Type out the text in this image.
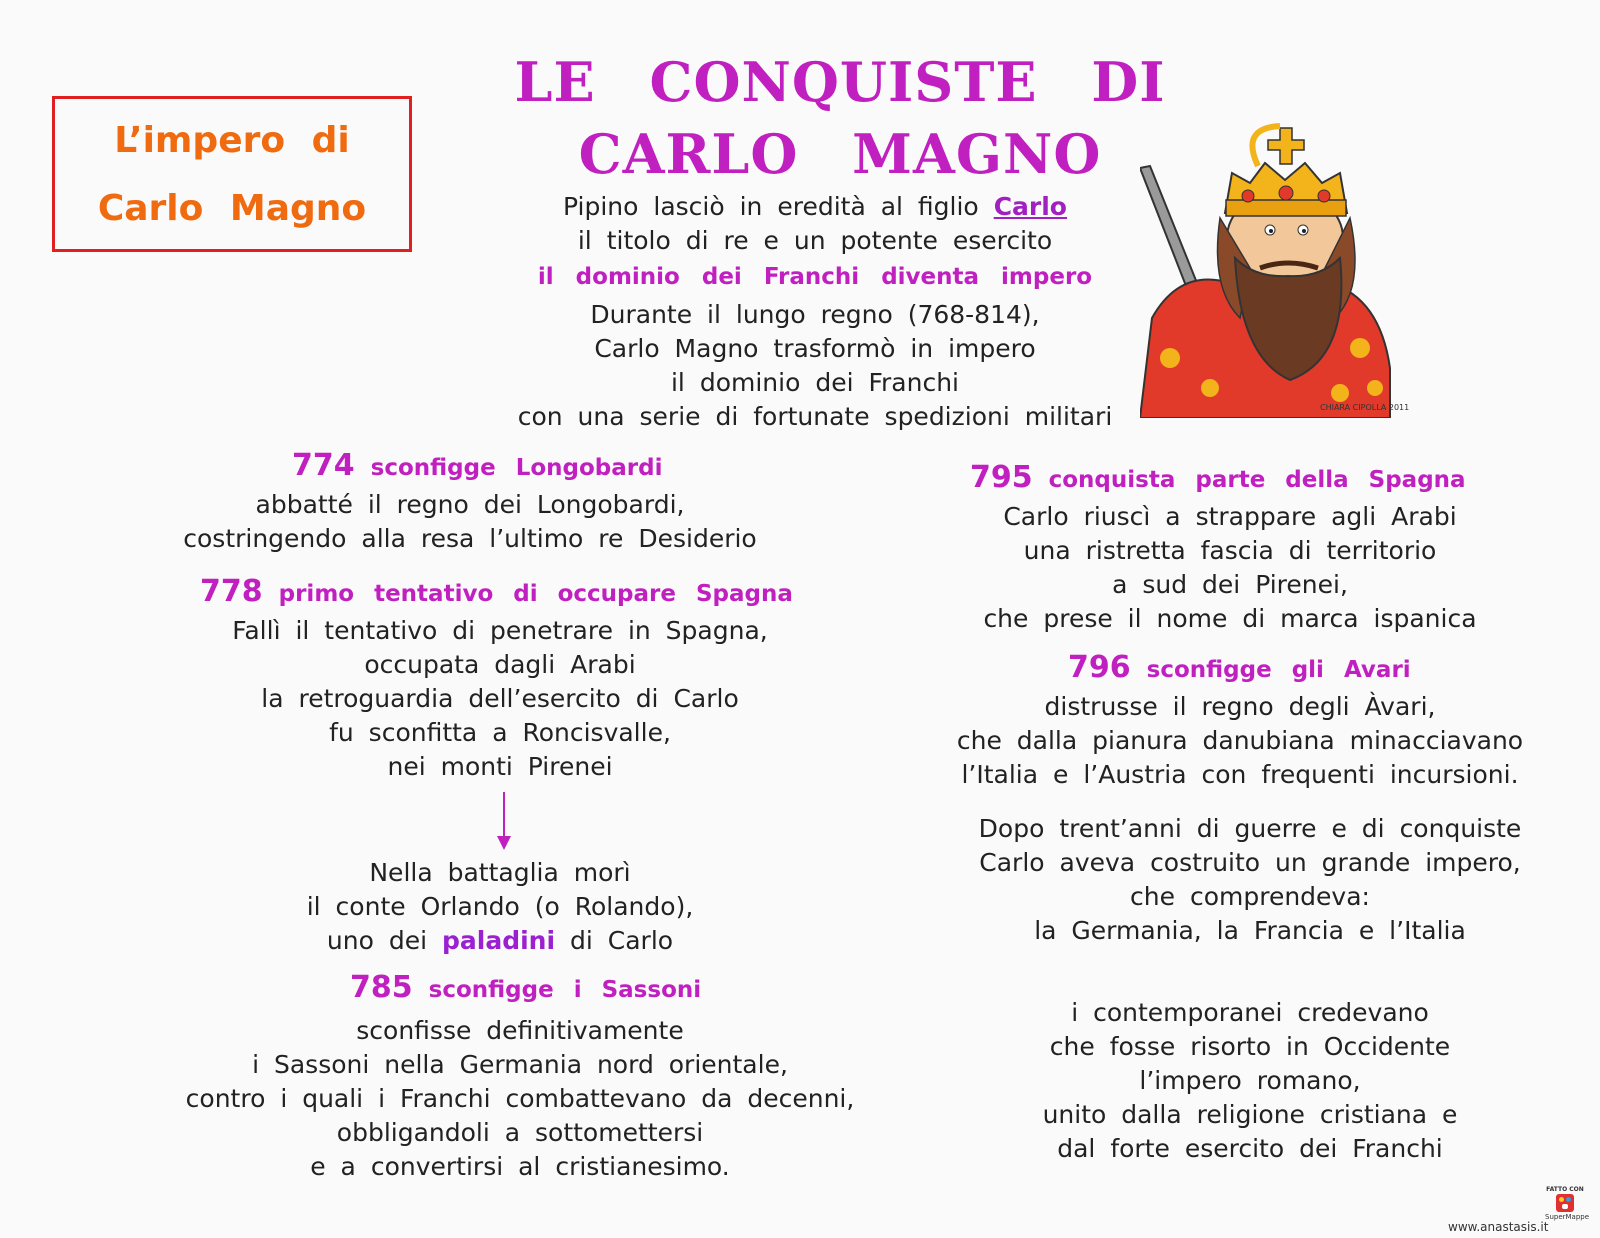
L’impero di
Carlo Magno
LE CONQUISTE DI
CARLO MAGNO
Pipino lasciò in eredità al figlio Carlo
il titolo di re e un potente esercito
il dominio dei Franchi diventa impero
Durante il lungo regno (768-814),
Carlo Magno trasformò in impero
il dominio dei Franchi
con una serie di fortunate spedizioni militari	CHIARA CIPOLLA 2011
774 sconfigge Longobardi
abbatté il regno dei Longobardi,
costringendo alla resa l’ultimo re Desiderio
778 primo tentativo di occupare Spagna
Fallì il tentativo di penetrare in Spagna,
occupata dagli Arabi
la retroguardia dell’esercito di Carlo
fu sconfitta a Roncisvalle,
nei monti Pirenei
Nella battaglia morì
il conte Orlando (o Rolando),
uno dei paladini di Carlo
785 sconfigge i Sassoni
sconfisse definitivamente
i Sassoni nella Germania nord orientale,
contro i quali i Franchi combattevano da decenni,
obbligandoli a sottomettersi
e a convertirsi al cristianesimo.
795 conquista parte della Spagna
Carlo riuscì a strappare agli Arabi
una ristretta fascia di territorio
a sud dei Pirenei,
che prese il nome di marca ispanica
796 sconfigge gli Avari
distrusse il regno degli Àvari,
che dalla pianura danubiana minacciavano
l’Italia e l’Austria con frequenti incursioni.
Dopo trent’anni di guerre e di conquiste
Carlo aveva costruito un grande impero,
che comprendeva:
la Germania, la Francia e l’Italia
i contemporanei credevano
che fosse risorto in Occidente
l’impero romano,
unito dalla religione cristiana e
dal forte esercito dei Franchi
www.anastasis.it
FATTO CON
SuperMappe
